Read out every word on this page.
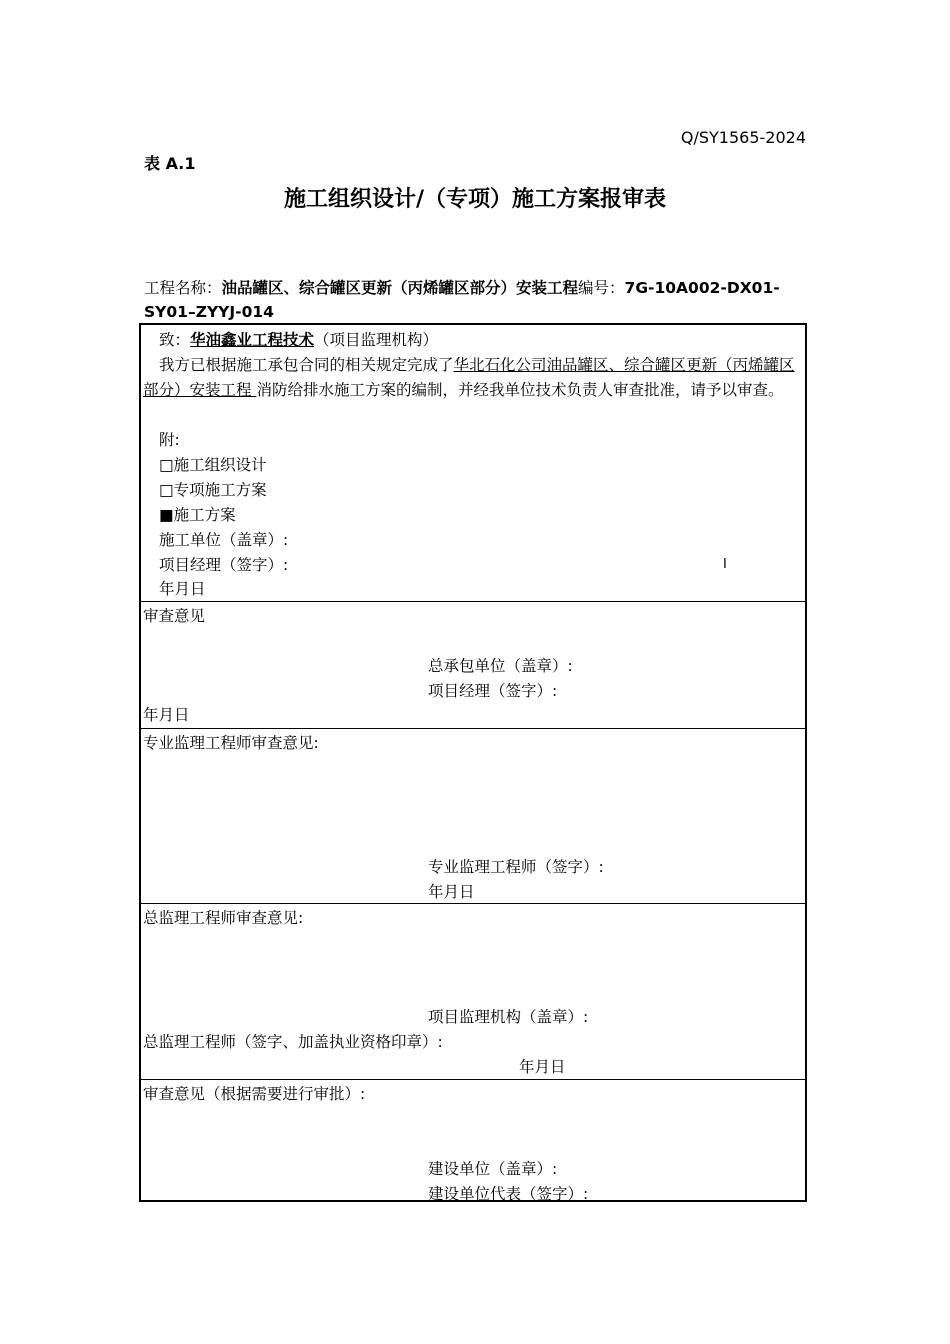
Q/SY1565-2024
表 A.1
施工组织设计/（专项）施工方案报审表
工程名称：油品罐区、综合罐区更新（丙烯罐区部分）安装工程编号：7G-10A002-DX01- SY01–ZYYJ-014
致：华油鑫业工程技术（项目监理机构）
我方已根据施工承包合同的相关规定完成了华北石化公司油品罐区、综合罐区更新（丙烯罐区部分）安装工程 消防给排水施工方案的编制，并经我单位技术负责人审查批准，请予以审查。
附:
□施工组织设计
□专项施工方案
■施工方案
施工单位（盖章）:
项目经理（签字）:	I
年月日
审查意见
总承包单位（盖章）:
项目经理（签字）:
年月日
专业监理工程师审查意见:
专业监理工程师（签字）:
年月日
总监理工程师审查意见:
项目监理机构（盖章）:
总监理工程师（签字、加盖执业资格印章）:
年月日
审查意见（根据需要进行审批）:
建设单位（盖章）:
建设单位代表（签字）:
